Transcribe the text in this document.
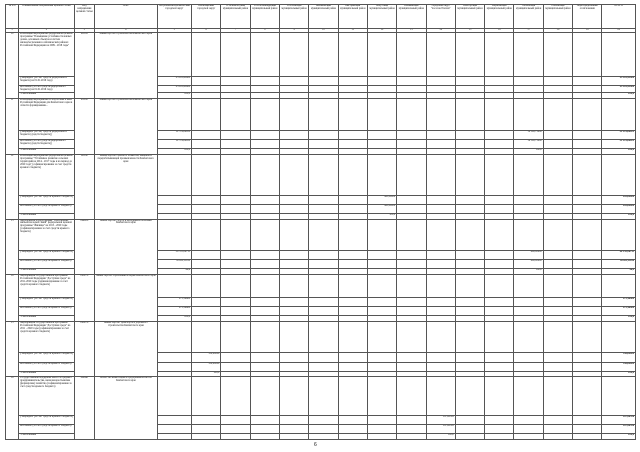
№ п/п	Наименование направления целевой статьи	Код направления целевой статьи	ГРБС	Петропавловск-Камчатский городской округ	Вилючинский городской округ	Усть-Камчатский муниципальный район	Усть-Большерецкий муниципальный район	Соболевский муниципальный район	Мильковский муниципальный район	Быстринский муниципальный район	Алеутский муниципальный район	Пенжинский муниципальный район	Городской округ "поселок Палана"	Олюторский муниципальный район	Карагинский муниципальный район	Тигильский муниципальный район	Елизовский муниципальный район	Нераспределенные ассигнования	ВСЕГО
1	2	3	4	5	6	7	8	9	10	11	12	13	14	15	16	17	18	19	20
10	Реализация мероприятий федеральной целевой программы "Повышение устойчивости жилых домов, основных объектов и систем жизнеобеспечения в сейсмических районах Российской Федерации на 2009 - 2018 годы"	0Н100	Министерство строительства Камчатского края																
	утверждено (за счет средств федерального бюджета) на 01.01.2016 года)			23 161,43400															23 161,43400
	исполнено (за счет средств федерального бюджета) на 01.01.2016 года)			23 161,43400															23 161,43400
	% исполнения			100,0															100,0
11	Реализация мероприятий по подготовке к зиме Российской Федерации для Камчатского края в области формирования...	0Л100	Министерство строительства Камчатского края																
	утверждено (за счет средств федерального бюджета (средств бюджета))			12 719,86022												19 500,73000			32 219,80022
	исполнено (за счет средств федерального бюджета (средств бюджета))			12 719,86022												19 500,73000			32 219,80022
	% исполнения			100,0												100,0			100,0
12	Реализация мероприятий федеральной целевой программы "Устойчивое развитие сельских территорий на 2014 - 2017 годы и на период до 2020 года" (софинансирование за счет средств краевого бюджета)	0Б180	Министерство сельского хозяйства, пищевой и перерабатывающей промышленности Камчатского края																
	утверждено (за счет средств краевого бюджета)										495,00000								495,00000
	исполнено (за счет средств краевого бюджета)										495,00000								495,00000
	% исполнения										100,0								100,0
13	Мероприятия подпрограммы "Обеспечение жильем молодых семей" федеральной целевой программы "Жилище" на 2015 - 2020 годы (софинансирование за счет средств краевого бюджета)	0Ш200	Министерство спорта и молодежной политики Камчатского края																
	утверждено (за счет средств краевого бюджета)			39 705,26733												462,00000			40 133,26733
	исполнено (за счет средств краевого бюджета)			38 280,11180												462,00000			38 691,11180
	% исполнения			96,4												100,0			96,4
14	Мероприятия государственной программы Российской Федерации "Доступная среда" на 2011-2020 годы (софинансирование за счет средств краевого бюджета)	0Ю270	Министерство образования и науки Камчатского края																
	утверждено (за счет средств краевого бюджета)			273,16400															273,16400
	исполнено (за счет средств краевого бюджета)			273,16400															273,16400
	% исполнения			100,0															100,0
15	Мероприятия государственной программы Российской Федерации "Доступная среда" на 2011 - 2020 годы (софинансирование за счет средств краевого бюджета)	0Ю270	Министерство транспорта и дорожного строительства Камчатского края																
	утверждено (за счет средств краевого бюджета)				330,00000														330,00000
	исполнено (за счет средств краевого бюджета)				330,00000														330,00000
	% исполнения				100,0														100,0
16	Государственная поддержка малого и среднего предпринимательства, включая крестьянские (фермерские) хозяйства (софинансирование за счет средств краевого бюджета)	0Ф440	Агентство инвестиций и предпринимательства Камчатского края																
	утверждено (за счет средств краевого бюджета)												187,26316						187,26316
	исполнено (за счет средств краевого бюджета)												187,26316						187,26316
	% исполнения												100,0						100,0
6
